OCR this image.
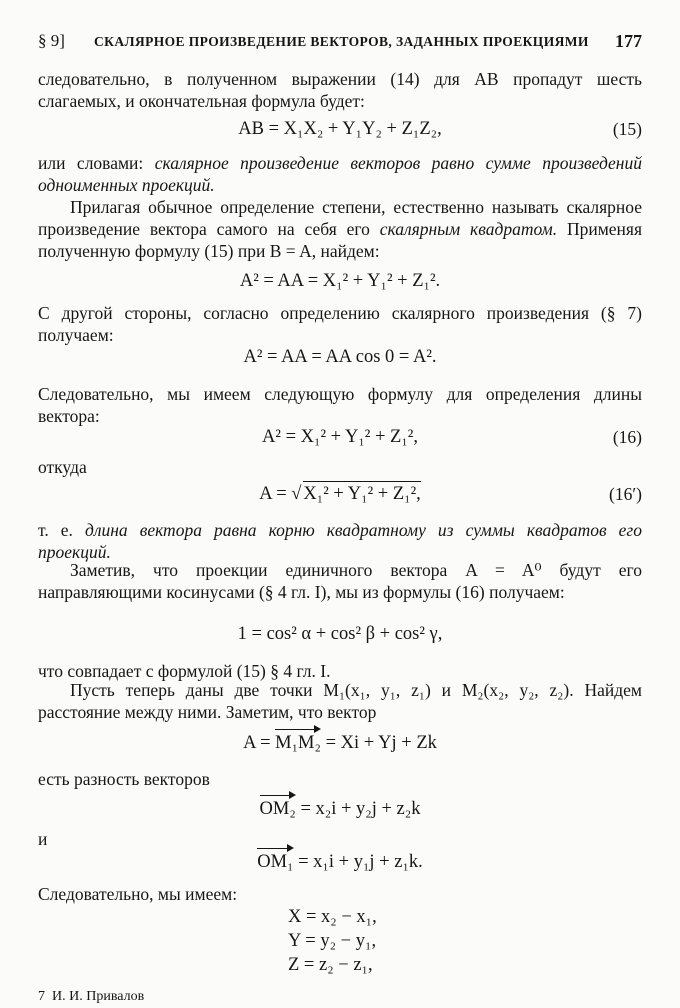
§ 9] СКАЛЯРНОЕ ПРОИЗВЕДЕНИЕ ВЕКТОРОВ, ЗАДАННЫХ ПРОЕКЦИЯМИ 177
следовательно, в полученном выражении (14) для AB пропадут шесть слагаемых, и окончательная формула будет:
AB = X₁X₂ + Y₁Y₂ + Z₁Z₂,	(15)
или словами: скалярное произведение векторов равно сумме произведений одноименных проекций.
Прилагая обычное определение степени, естественно называть скалярное произведение вектора самого на себя его скалярным квадратом. Применяя полученную формулу (15) при B = A, найдем:
A² = AA = X₁² + Y₁² + Z₁².
С другой стороны, согласно определению скалярного произведения (§ 7) получаем:
A² = AA = AA cos 0 = A².
Следовательно, мы имеем следующую формулу для определения длины вектора:
A² = X₁² + Y₁² + Z₁²,	(16)
откуда
A = √ X₁² + Y₁² + Z₁²,	(16′)
т. е. длина вектора равна корню квадратному из суммы квадратов его проекций.
Заметив, что проекции единичного вектора A = A⁰ будут его направляющими косинусами (§ 4 гл. I), мы из формулы (16) получаем:
1 = cos² α + cos² β + cos² γ,
что совпадает с формулой (15) § 4 гл. I.
Пусть теперь даны две точки M₁(x₁, y₁, z₁) и M₂(x₂, y₂, z₂). Найдем расстояние между ними. Заметим, что вектор
A = M₁M₂ = Xi + Yj + Zk
есть разность векторов
OM₂ = x₂i + y₂j + z₂k
и
OM₁ = x₁i + y₁j + z₁k.
Следовательно, мы имеем:
X = x₂ − x₁,
Y = y₂ − y₁,
Z = z₂ − z₁,
7  И. И. Привалов
